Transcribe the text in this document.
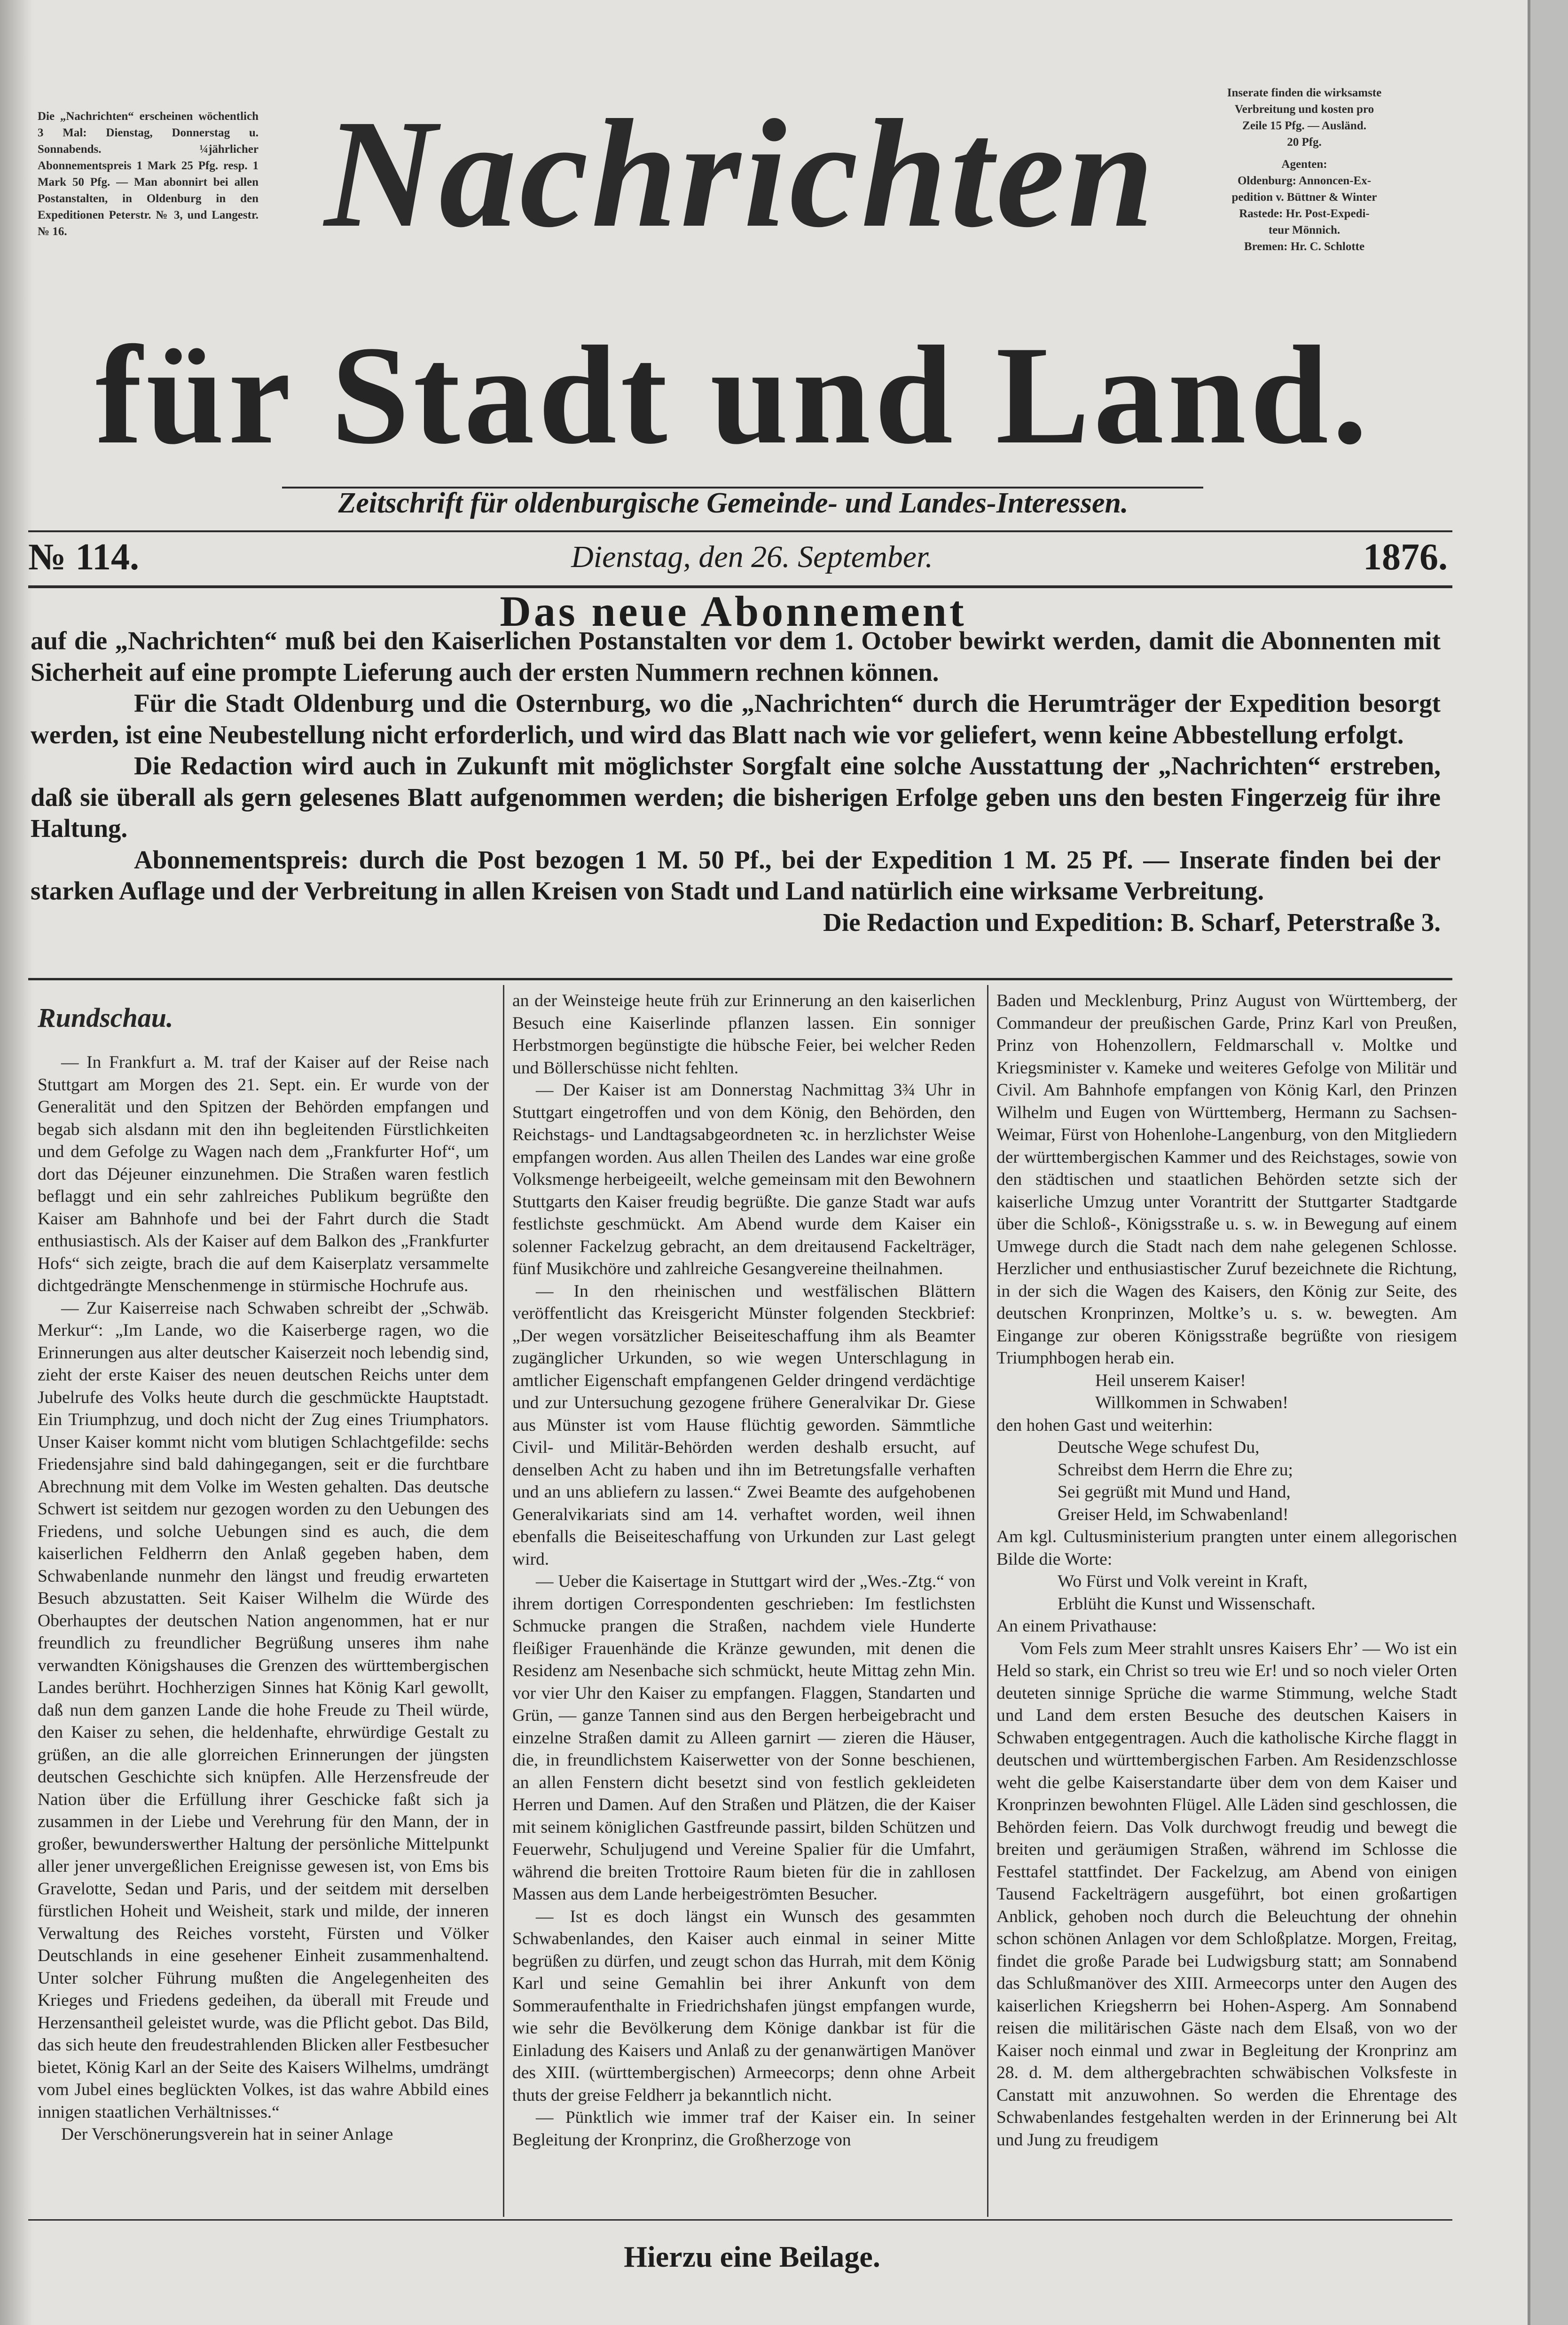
Die „Nachrichten“ erscheinen wöchentlich 3 Mal: Dienstag, Donnerstag u. Sonnabends. ¼jährlicher Abonnementspreis 1 Mark 25 Pfg. resp. 1 Mark 50 Pfg. — Man abonnirt bei allen Postanstalten, in Oldenburg in den Expeditionen Peterstr. № 3, und Langestr. № 16.

Inserate finden die wirksamste

Verbreitung und kosten pro

Zeile 15 Pfg. — Ausländ.

20 Pfg.

Agenten:

Oldenburg: Annoncen-Ex-

pedition v. Büttner & Winter

Rastede: Hr. Post-Expedi-

teur Mönnich.

Bremen: Hr. C. Schlotte

Nachrichten
für Stadt und Land.
Zeitschrift für oldenburgische Gemeinde- und Landes-Interessen.
№ 114.	Dienstag, den 26. September.	1876.
Das neue Abonnement

auf die „Nachrichten“ muß bei den Kaiserlichen Postanstalten vor dem 1. October bewirkt werden, damit die Abonnenten mit Sicherheit auf eine prompte Lieferung auch der ersten Nummern rechnen können.

Für die Stadt Oldenburg und die Osternburg, wo die „Nachrichten“ durch die Herumträger der Expedition besorgt werden, ist eine Neubestellung nicht erforderlich, und wird das Blatt nach wie vor geliefert, wenn keine Abbestellung erfolgt.

Die Redaction wird auch in Zukunft mit möglichster Sorgfalt eine solche Ausstattung der „Nachrichten“ erstreben, daß sie überall als gern gelesenes Blatt aufgenommen werden; die bisherigen Erfolge geben uns den besten Fingerzeig für ihre Haltung.

Abonnementspreis: durch die Post bezogen 1 M. 50 Pf., bei der Expedition 1 M. 25 Pf. — Inserate finden bei der starken Auflage und der Verbreitung in allen Kreisen von Stadt und Land natürlich eine wirksame Verbreitung.

Die Redaction und Expedition: B. Scharf, Peterstraße 3.

Rundschau.

— In Frankfurt a. M. traf der Kaiser auf der Reise nach Stuttgart am Morgen des 21. Sept. ein. Er wurde von der Generalität und den Spitzen der Behörden empfangen und begab sich alsdann mit den ihn begleitenden Fürstlichkeiten und dem Gefolge zu Wagen nach dem „Frankfurter Hof“, um dort das Déjeuner einzunehmen. Die Straßen waren festlich beflaggt und ein sehr zahlreiches Publikum begrüßte den Kaiser am Bahnhofe und bei der Fahrt durch die Stadt enthusiastisch. Als der Kaiser auf dem Balkon des „Frankfurter Hofs“ sich zeigte, brach die auf dem Kaiserplatz versammelte dichtgedrängte Menschenmenge in stürmische Hochrufe aus.

— Zur Kaiserreise nach Schwaben schreibt der „Schwäb. Merkur“: „Im Lande, wo die Kaiserberge ragen, wo die Erinnerungen aus alter deutscher Kaiserzeit noch lebendig sind, zieht der erste Kaiser des neuen deutschen Reichs unter dem Jubelrufe des Volks heute durch die geschmückte Hauptstadt. Ein Triumphzug, und doch nicht der Zug eines Triumphators. Unser Kaiser kommt nicht vom blutigen Schlachtgefilde: sechs Friedensjahre sind bald dahingegangen, seit er die furchtbare Abrechnung mit dem Volke im Westen gehalten. Das deutsche Schwert ist seitdem nur gezogen worden zu den Uebungen des Friedens, und solche Uebungen sind es auch, die dem kaiserlichen Feldherrn den Anlaß gegeben haben, dem Schwabenlande nunmehr den längst und freudig erwarteten Besuch abzustatten. Seit Kaiser Wilhelm die Würde des Oberhauptes der deutschen Nation angenommen, hat er nur freundlich zu freundlicher Begrüßung unseres ihm nahe verwandten Königshauses die Grenzen des württembergischen Landes berührt. Hochherzigen Sinnes hat König Karl gewollt, daß nun dem ganzen Lande die hohe Freude zu Theil würde, den Kaiser zu sehen, die heldenhafte, ehrwürdige Gestalt zu grüßen, an die alle glorreichen Erinnerungen der jüngsten deutschen Geschichte sich knüpfen. Alle Herzensfreude der Nation über die Erfüllung ihrer Geschicke faßt sich ja zusammen in der Liebe und Verehrung für den Mann, der in großer, bewunderswerther Haltung der persönliche Mittelpunkt aller jener unvergeßlichen Ereignisse gewesen ist, von Ems bis Gravelotte, Sedan und Paris, und der seitdem mit derselben fürstlichen Hoheit und Weisheit, stark und milde, der inneren Verwaltung des Reiches vorsteht, Fürsten und Völker Deutschlands in eine gesehener Einheit zusammenhaltend. Unter solcher Führung mußten die Angelegenheiten des Krieges und Friedens gedeihen, da überall mit Freude und Herzensantheil geleistet wurde, was die Pflicht gebot. Das Bild, das sich heute den freudestrahlenden Blicken aller Festbesucher bietet, König Karl an der Seite des Kaisers Wilhelms, umdrängt vom Jubel eines beglückten Volkes, ist das wahre Abbild eines innigen staatlichen Verhältnisses.“

Der Verschönerungsverein hat in seiner Anlage

an der Weinsteige heute früh zur Erinnerung an den kaiserlichen Besuch eine Kaiserlinde pflanzen lassen. Ein sonniger Herbstmorgen begünstigte die hübsche Feier, bei welcher Reden und Böllerschüsse nicht fehlten.

— Der Kaiser ist am Donnerstag Nachmittag 3¾ Uhr in Stuttgart eingetroffen und von dem König, den Behörden, den Reichstags- und Landtagsabgeordneten ꝛc. in herzlichster Weise empfangen worden. Aus allen Theilen des Landes war eine große Volksmenge herbeigeeilt, welche gemeinsam mit den Bewohnern Stuttgarts den Kaiser freudig begrüßte. Die ganze Stadt war aufs festlichste geschmückt. Am Abend wurde dem Kaiser ein solenner Fackelzug gebracht, an dem dreitausend Fackelträger, fünf Musikchöre und zahlreiche Gesangvereine theilnahmen.

— In den rheinischen und westfälischen Blättern veröffentlicht das Kreisgericht Münster folgenden Steckbrief: „Der wegen vorsätzlicher Beiseiteschaffung ihm als Beamter zugänglicher Urkunden, so wie wegen Unterschlagung in amtlicher Eigenschaft empfangenen Gelder dringend verdächtige und zur Untersuchung gezogene frühere Generalvikar Dr. Giese aus Münster ist vom Hause flüchtig geworden. Sämmtliche Civil- und Militär-Behörden werden deshalb ersucht, auf denselben Acht zu haben und ihn im Betretungsfalle verhaften und an uns abliefern zu lassen.“ Zwei Beamte des aufgehobenen Generalvikariats sind am 14. verhaftet worden, weil ihnen ebenfalls die Beiseiteschaffung von Urkunden zur Last gelegt wird.

— Ueber die Kaisertage in Stuttgart wird der „Wes.-Ztg.“ von ihrem dortigen Correspondenten geschrieben: Im festlichsten Schmucke prangen die Straßen, nachdem viele Hunderte fleißiger Frauenhände die Kränze gewunden, mit denen die Residenz am Nesenbache sich schmückt, heute Mittag zehn Min. vor vier Uhr den Kaiser zu empfangen. Flaggen, Standarten und Grün, — ganze Tannen sind aus den Bergen herbeigebracht und einzelne Straßen damit zu Alleen garnirt — zieren die Häuser, die, in freundlichstem Kaiserwetter von der Sonne beschienen, an allen Fenstern dicht besetzt sind von festlich gekleideten Herren und Damen. Auf den Straßen und Plätzen, die der Kaiser mit seinem königlichen Gastfreunde passirt, bilden Schützen und Feuerwehr, Schuljugend und Vereine Spalier für die Umfahrt, während die breiten Trottoire Raum bieten für die in zahllosen Massen aus dem Lande herbeigeströmten Besucher.

— Ist es doch längst ein Wunsch des gesammten Schwabenlandes, den Kaiser auch einmal in seiner Mitte begrüßen zu dürfen, und zeugt schon das Hurrah, mit dem König Karl und seine Gemahlin bei ihrer Ankunft von dem Sommeraufenthalte in Friedrichshafen jüngst empfangen wurde, wie sehr die Bevölkerung dem Könige dankbar ist für die Einladung des Kaisers und Anlaß zu der genanwärtigen Manöver des XIII. (württembergischen) Armeecorps; denn ohne Arbeit thuts der greise Feldherr ja bekanntlich nicht.

— Pünktlich wie immer traf der Kaiser ein. In seiner Begleitung der Kronprinz, die Großherzoge von

Baden und Mecklenburg, Prinz August von Württemberg, der Commandeur der preußischen Garde, Prinz Karl von Preußen, Prinz von Hohenzollern, Feldmarschall v. Moltke und Kriegsminister v. Kameke und weiteres Gefolge von Militär und Civil. Am Bahnhofe empfangen von König Karl, den Prinzen Wilhelm und Eugen von Württemberg, Hermann zu Sachsen-Weimar, Fürst von Hohenlohe-Langenburg, von den Mitgliedern der württembergischen Kammer und des Reichstages, sowie von den städtischen und staatlichen Behörden setzte sich der kaiserliche Umzug unter Vorantritt der Stuttgarter Stadtgarde über die Schloß-, Königsstraße u. s. w. in Bewegung auf einem Umwege durch die Stadt nach dem nahe gelegenen Schlosse. Herzlicher und enthusiastischer Zuruf bezeichnete die Richtung, in der sich die Wagen des Kaisers, den König zur Seite, des deutschen Kronprinzen, Moltke’s u. s. w. bewegten. Am Eingange zur oberen Königsstraße begrüßte von riesigem Triumphbogen herab ein.

Heil unserem Kaiser!

Willkommen in Schwaben!

den hohen Gast und weiterhin:

Deutsche Wege schufest Du,

Schreibst dem Herrn die Ehre zu;

Sei gegrüßt mit Mund und Hand,

Greiser Held, im Schwabenland!

Am kgl. Cultusministerium prangten unter einem allegorischen Bilde die Worte:

Wo Fürst und Volk vereint in Kraft,

Erblüht die Kunst und Wissenschaft.

An einem Privathause:

Vom Fels zum Meer strahlt unsres Kaisers Ehr’ — Wo ist ein Held so stark, ein Christ so treu wie Er! und so noch vieler Orten deuteten sinnige Sprüche die warme Stimmung, welche Stadt und Land dem ersten Besuche des deutschen Kaisers in Schwaben entgegentragen. Auch die katholische Kirche flaggt in deutschen und württembergischen Farben. Am Residenzschlosse weht die gelbe Kaiserstandarte über dem von dem Kaiser und Kronprinzen bewohnten Flügel. Alle Läden sind geschlossen, die Behörden feiern. Das Volk durchwogt freudig und bewegt die breiten und geräumigen Straßen, während im Schlosse die Festtafel stattfindet. Der Fackelzug, am Abend von einigen Tausend Fackelträgern ausgeführt, bot einen großartigen Anblick, gehoben noch durch die Beleuchtung der ohnehin schon schönen Anlagen vor dem Schloßplatze. Morgen, Freitag, findet die große Parade bei Ludwigsburg statt; am Sonnabend das Schlußmanöver des XIII. Armeecorps unter den Augen des kaiserlichen Kriegsherrn bei Hohen-Asperg. Am Sonnabend reisen die militärischen Gäste nach dem Elsaß, von wo der Kaiser noch einmal und zwar in Begleitung der Kronprinz am 28. d. M. dem althergebrachten schwäbischen Volksfeste in Canstatt mit anzuwohnen. So werden die Ehrentage des Schwabenlandes festgehalten werden in der Erinnerung bei Alt und Jung zu freudigem

Hierzu eine Beilage.
